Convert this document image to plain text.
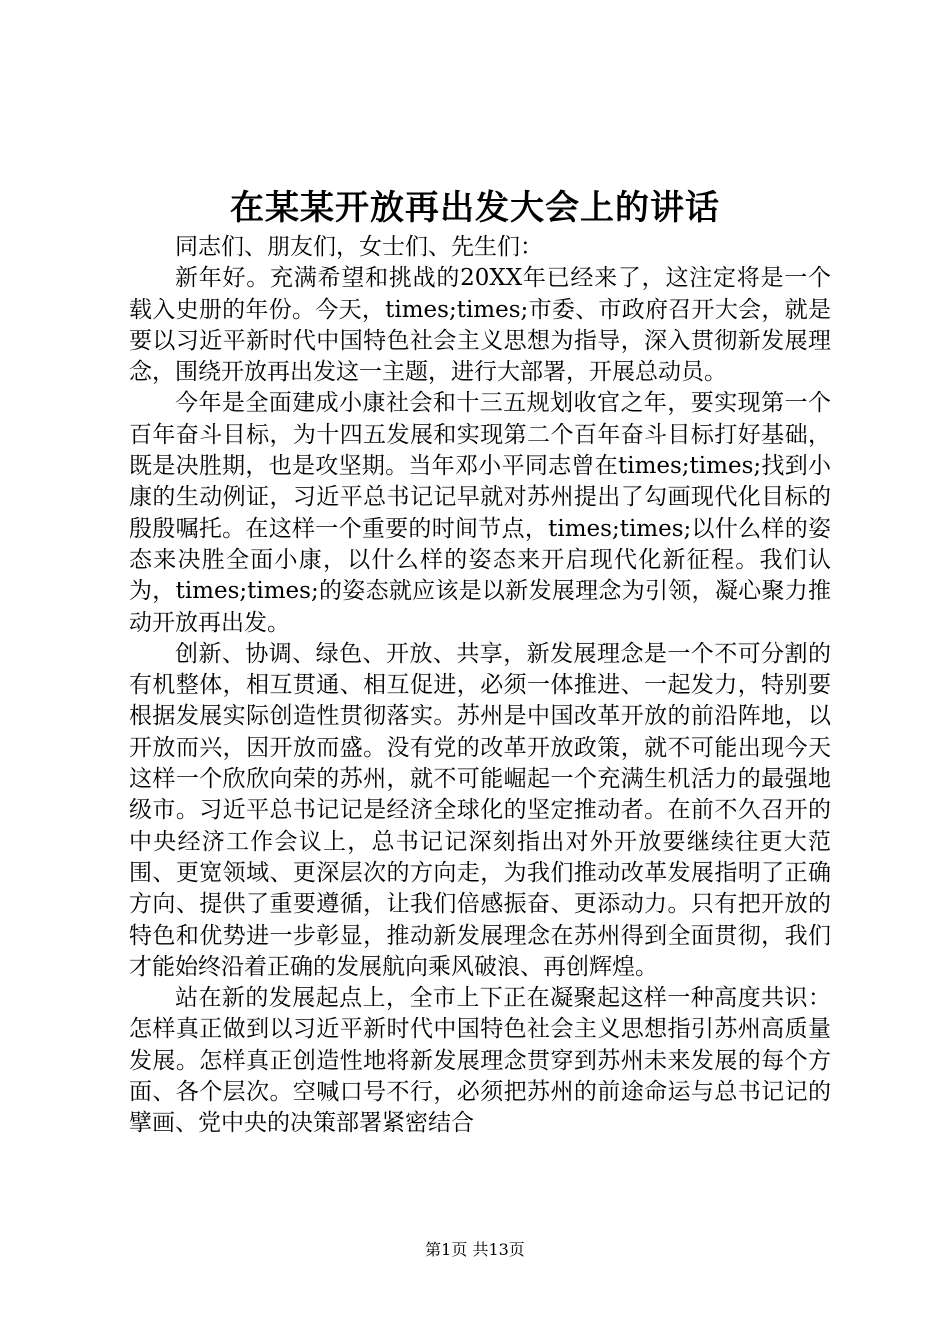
在某某开放再出发大会上的讲话

同志们、朋友们，女士们、先生们：

新年好。充满希望和挑战的20XX年已经来了，这注定将是一个载入史册的年份。今天，times;times;市委、市政府召开大会，就是要以习近平新时代中国特色社会主义思想为指导，深入贯彻新发展理念，围绕开放再出发这一主题，进行大部署，开展总动员。

今年是全面建成小康社会和十三五规划收官之年，要实现第一个百年奋斗目标，为十四五发展和实现第二个百年奋斗目标打好基础，既是决胜期，也是攻坚期。当年邓小平同志曾在times;times;找到小康的生动例证，习近平总书记记早就对苏州提出了勾画现代化目标的殷殷嘱托。在这样一个重要的时间节点，times;times;以什么样的姿态来决胜全面小康，以什么样的姿态来开启现代化新征程。我们认为，times;times;的姿态就应该是以新发展理念为引领，凝心聚力推动开放再出发。

创新、协调、绿色、开放、共享，新发展理念是一个不可分割的有机整体，相互贯通、相互促进，必须一体推进、一起发力，特别要根据发展实际创造性贯彻落实。苏州是中国改革开放的前沿阵地，以开放而兴，因开放而盛。没有党的改革开放政策，就不可能出现今天这样一个欣欣向荣的苏州，就不可能崛起一个充满生机活力的最强地级市。习近平总书记记是经济全球化的坚定推动者。在前不久召开的中央经济工作会议上，总书记记深刻指出对外开放要继续往更大范围、更宽领域、更深层次的方向走，为我们推动改革发展指明了正确方向、提供了重要遵循，让我们倍感振奋、更添动力。只有把开放的特色和优势进一步彰显，推动新发展理念在苏州得到全面贯彻，我们才能始终沿着正确的发展航向乘风破浪、再创辉煌。

站在新的发展起点上，全市上下正在凝聚起这样一种高度共识：怎样真正做到以习近平新时代中国特色社会主义思想指引苏州高质量发展。怎样真正创造性地将新发展理念贯穿到苏州未来发展的每个方面、各个层次。空喊口号不行，必须把苏州的前途命运与总书记记的擘画、党中央的决策部署紧密结合

第1页 共13页
